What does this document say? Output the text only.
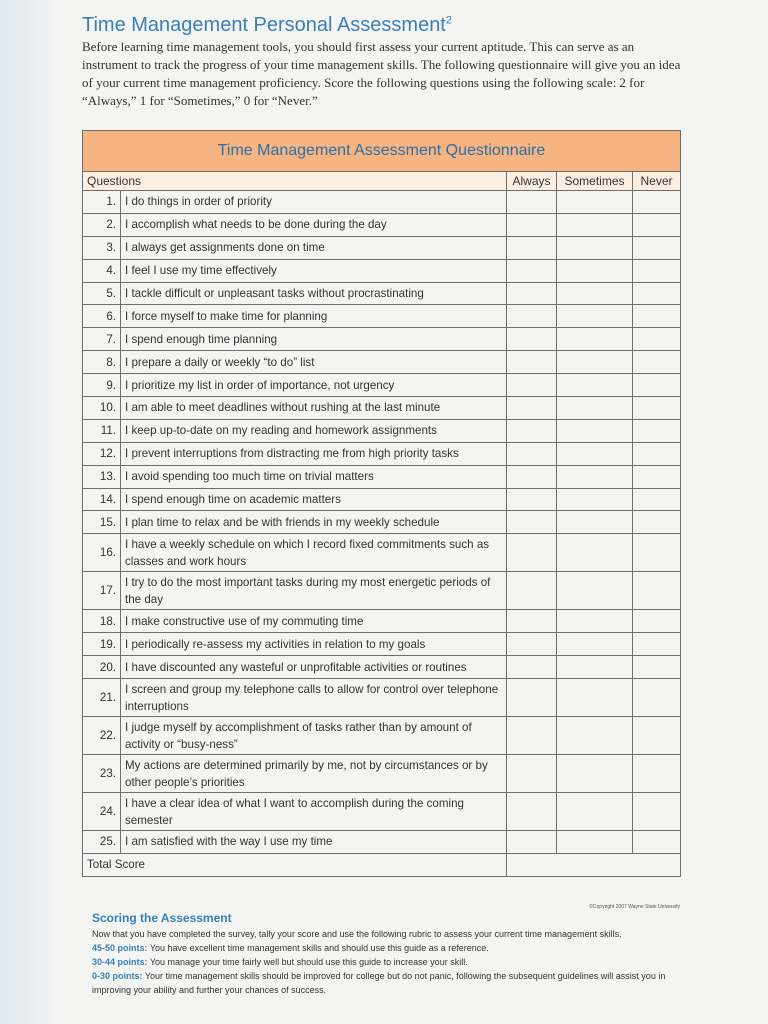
Time Management Personal Assessment$^2$

Before learning time management tools, you should first assess your current aptitude. This can serve as an instrument to track the progress of your time management skills. The following questionnaire will give you an idea of your current time management proficiency. Score the following questions using the following scale: 2 for “Always,” 1 for “Sometimes,” 0 for “Never.”

Time Management Assessment Questionnaire				
Questions		Always	Sometimes	Never
1.	I do things in order of priority			
2.	I accomplish what needs to be done during the day			
3.	I always get assignments done on time			
4.	I feel I use my time effectively			
5.	I tackle difficult or unpleasant tasks without procrastinating			
6.	I force myself to make time for planning			
7.	I spend enough time planning			
8.	I prepare a daily or weekly “to do” list			
9.	I prioritize my list in order of importance, not urgency			
10.	I am able to meet deadlines without rushing at the last minute			
11.	I keep up-to-date on my reading and homework assignments			
12.	I prevent interruptions from distracting me from high priority tasks			
13.	I avoid spending too much time on trivial matters			
14.	I spend enough time on academic matters			
15.	I plan time to relax and be with friends in my weekly schedule			
16.	I have a weekly schedule on which I record fixed commitments such as classes and work hours			
17.	I try to do the most important tasks during my most energetic periods of the day			
18.	I make constructive use of my commuting time			
19.	I periodically re-assess my activities in relation to my goals			
20.	I have discounted any wasteful or unprofitable activities or routines			
21.	I screen and group my telephone calls to allow for control over telephone interruptions			
22.	I judge myself by accomplishment of tasks rather than by amount of activity or “busy-ness”			
23.	My actions are determined primarily by me, not by circumstances or by other people’s priorities			
24.	I have a clear idea of what I want to accomplish during the coming semester			
25.	I am satisfied with the way I use my time			
Total Score				
©Copyright 2007 Wayne State University
Scoring the Assessment
Now that you have completed the survey, tally your score and use the following rubric to assess your current time management skills.
45-50 points: You have excellent time management skills and should use this guide as a reference.
30-44 points: You manage your time fairly well but should use this guide to increase your skill.
0-30 points: Your time management skills should be improved for college but do not panic, following the subsequent guidelines will assist you in improving your ability and further your chances of success.
